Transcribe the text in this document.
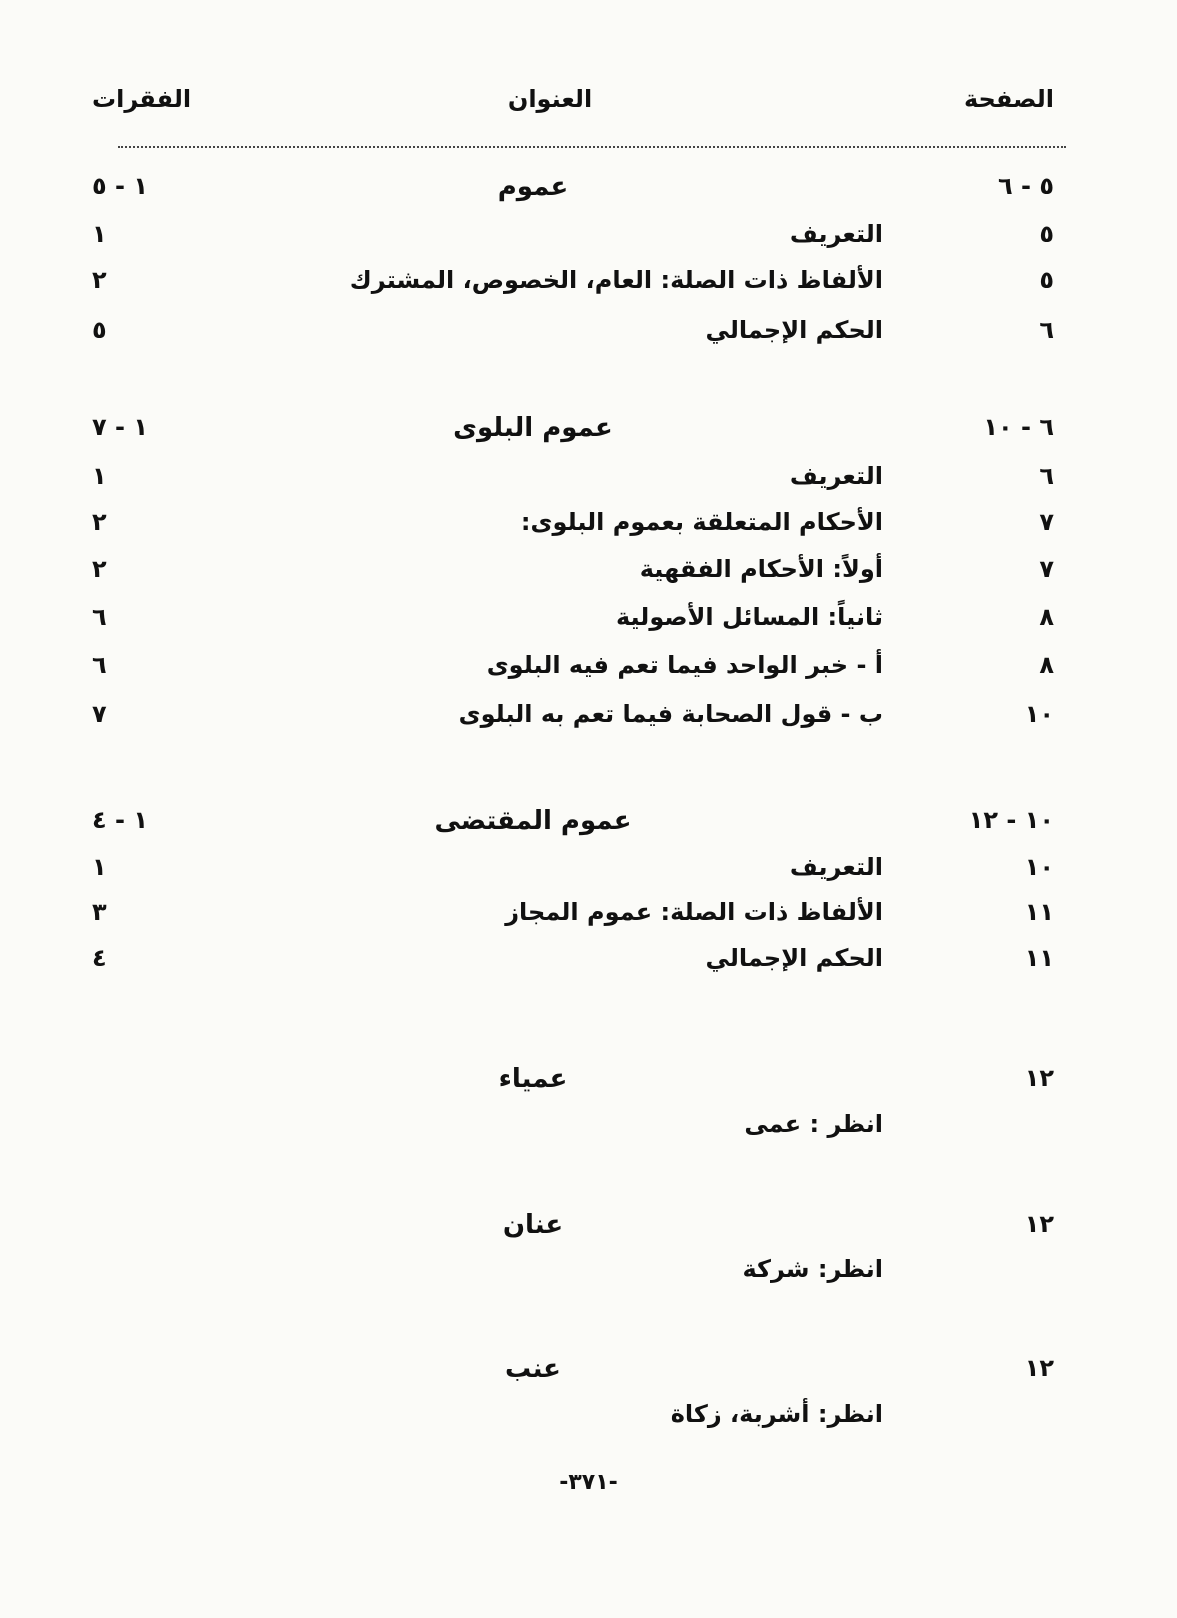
الصفحة
العنوان
الفقرات
٥ - ٦
عموم
١ - ٥
٥
التعريف
١
٥
الألفاظ ذات الصلة: العام، الخصوص، المشترك
٢
٦
الحكم الإجمالي
٥
٦ - ١٠
عموم البلوى
١ - ٧
٦
التعريف
١
٧
الأحكام المتعلقة بعموم البلوى:
٢
٧
أولاً: الأحكام الفقهية
٢
٨
ثانياً: المسائل الأصولية
٦
٨
أ - خبر الواحد فيما تعم فيه البلوى
٦
١٠
ب - قول الصحابة فيما تعم به البلوى
٧
١٠ - ١٢
عموم المقتضى
١ - ٤
١٠
التعريف
١
١١
الألفاظ ذات الصلة: عموم المجاز
٣
١١
الحكم الإجمالي
٤
١٢
عمياء
انظر : عمى
١٢
عنان
انظر: شركة
١٢
عنب
انظر: أشربة، زكاة
-٣٧١-
